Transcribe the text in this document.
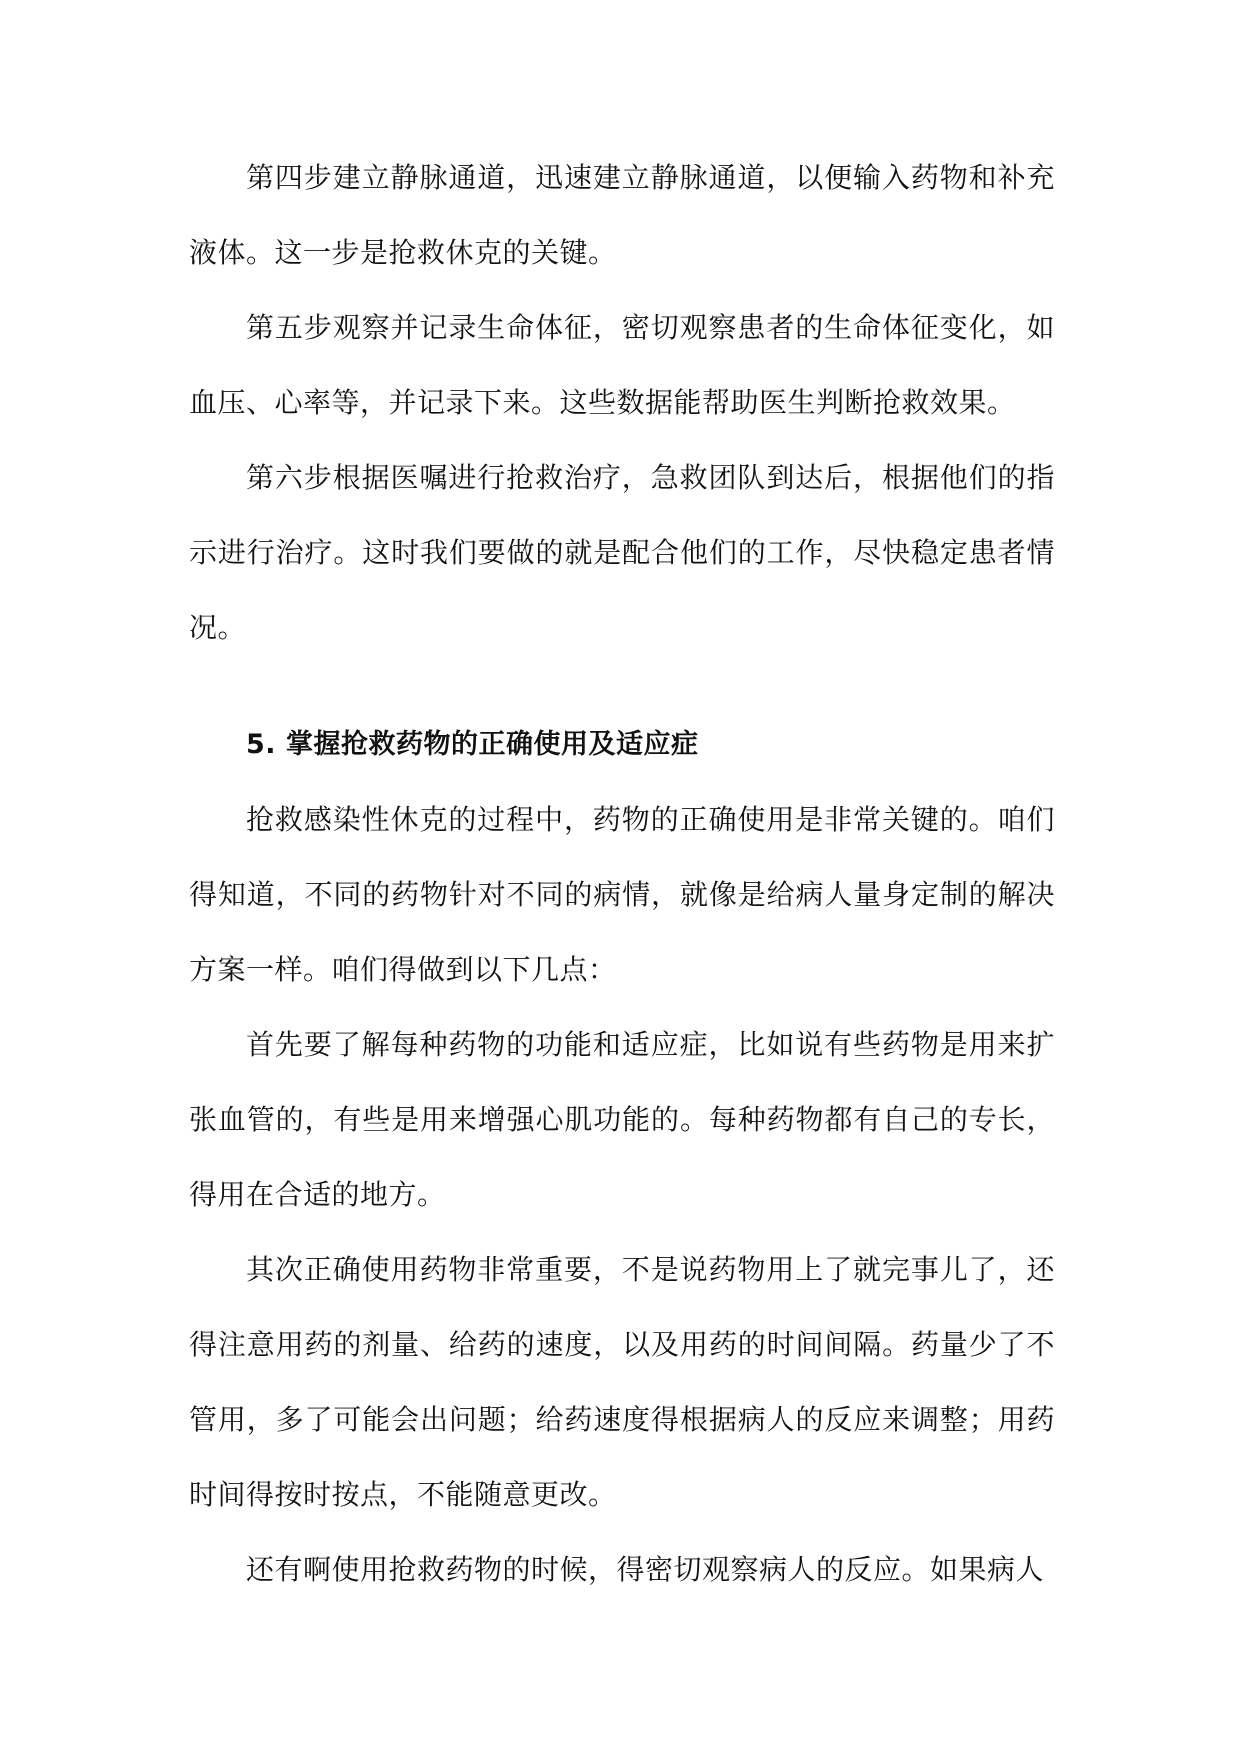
第四步建立静脉通道，迅速建立静脉通道，以便输入药物和补充液体。这一步是抢救休克的关键。

第五步观察并记录生命体征，密切观察患者的生命体征变化，如血压、心率等，并记录下来。这些数据能帮助医生判断抢救效果。

第六步根据医嘱进行抢救治疗，急救团队到达后，根据他们的指示进行治疗。这时我们要做的就是配合他们的工作，尽快稳定患者情况。

5. 掌握抢救药物的正确使用及适应症

抢救感染性休克的过程中，药物的正确使用是非常关键的。咱们得知道，不同的药物针对不同的病情，就像是给病人量身定制的解决方案一样。咱们得做到以下几点：

首先要了解每种药物的功能和适应症，比如说有些药物是用来扩张血管的，有些是用来增强心肌功能的。每种药物都有自己的专长，得用在合适的地方。

其次正确使用药物非常重要，不是说药物用上了就完事儿了，还得注意用药的剂量、给药的速度，以及用药的时间间隔。药量少了不管用，多了可能会出问题；给药速度得根据病人的反应来调整；用药时间得按时按点，不能随意更改。

还有啊使用抢救药物的时候，得密切观察病人的反应。如果病人
